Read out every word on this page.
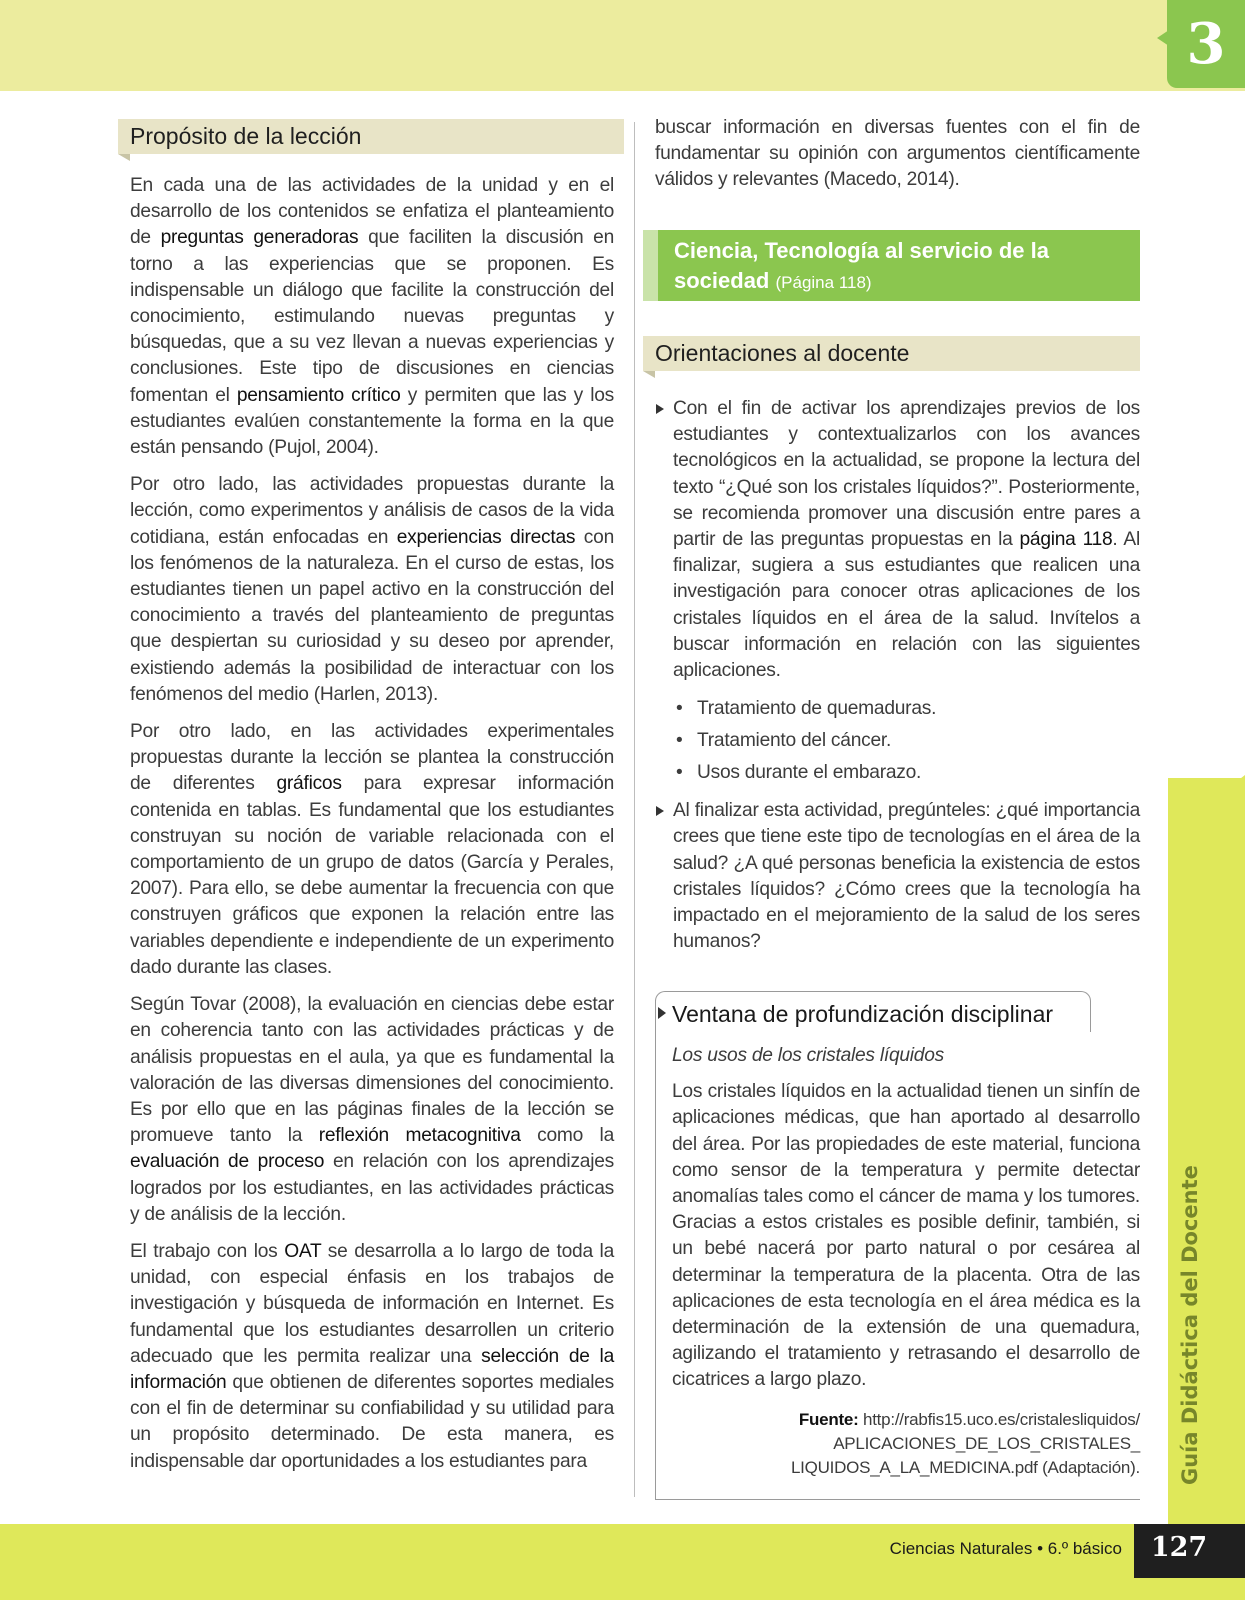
3
Guía Didáctica del Docente
Propósito de la lección

En cada una de las actividades de la unidad y en el desarrollo de los contenidos se enfatiza el planteamiento de preguntas generadoras que faciliten la discusión en torno a las experiencias que se proponen. Es indispensable un diálogo que facilite la construcción del conocimiento, estimulando nuevas preguntas y búsquedas, que a su vez llevan a nuevas experiencias y conclusiones. Este tipo de discusiones en ciencias fomentan el pensamiento crítico y permiten que las y los estudiantes evalúen constantemente la forma en la que están pensando (Pujol, 2004).

Por otro lado, las actividades propuestas durante la lección, como experimentos y análisis de casos de la vida cotidiana, están enfocadas en experiencias directas con los fenómenos de la naturaleza. En el curso de estas, los estudiantes tienen un papel activo en la construcción del conocimiento a través del planteamiento de preguntas que despiertan su curiosidad y su deseo por aprender, existiendo además la posibilidad de interactuar con los fenómenos del medio (Harlen, 2013).

Por otro lado, en las actividades experimentales propuestas durante la lección se plantea la construcción de diferentes gráficos para expresar información contenida en tablas. Es fundamental que los estudiantes construyan su noción de variable relacionada con el comportamiento de un grupo de datos (García y Perales, 2007). Para ello, se debe aumentar la frecuencia con que construyen gráficos que exponen la relación entre las variables dependiente e independiente de un experimento dado durante las clases.

Según Tovar (2008), la evaluación en ciencias debe estar en coherencia tanto con las actividades prácticas y de análisis propuestas en el aula, ya que es fundamental la valoración de las diversas dimensiones del conocimiento. Es por ello que en las páginas finales de la lección se promueve tanto la reflexión metacognitiva como la evaluación de proceso en relación con los aprendizajes logrados por los estudiantes, en las actividades prácticas y de análisis de la lección.

El trabajo con los OAT se desarrolla a lo largo de toda la unidad, con especial énfasis en los trabajos de investigación y búsqueda de información en Internet. Es fundamental que los estudiantes desarrollen un criterio adecuado que les permita realizar una selección de la información que obtienen de diferentes soportes mediales con el fin de determinar su confiabilidad y su utilidad para un propósito determinado. De esta manera, es indispensable dar oportunidades a los estudiantes para

buscar información en diversas fuentes con el fin de fundamentar su opinión con argumentos científicamente válidos y relevantes (Macedo, 2014).

Ciencia, Tecnología al servicio de la sociedad (Página 118)
Orientaciones al docente
Con el fin de activar los aprendizajes previos de los estudiantes y contextualizarlos con los avances tecnológicos en la actualidad, se propone la lectura del texto “¿Qué son los cristales líquidos?”. Posteriormente, se recomienda promover una discusión entre pares a partir de las preguntas propuestas en la página 118. Al finalizar, sugiera a sus estudiantes que realicen una investigación para conocer otras aplicaciones de los cristales líquidos en el área de la salud. Invítelos a buscar información en relación con las siguientes aplicaciones.
• Tratamiento de quemaduras.
• Tratamiento del cáncer.
• Usos durante el embarazo.
Al finalizar esta actividad, pregúnteles: ¿qué importancia crees que tiene este tipo de tecnologías en el área de la salud? ¿A qué personas beneficia la existencia de estos cristales líquidos? ¿Cómo crees que la tecnología ha impactado en el mejoramiento de la salud de los seres humanos?
Ventana de profundización disciplinar

Los usos de los cristales líquidos

Los cristales líquidos en la actualidad tienen un sinfín de aplicaciones médicas, que han aportado al desarrollo del área. Por las propiedades de este material, funciona como sensor de la temperatura y permite detectar anomalías tales como el cáncer de mama y los tumores. Gracias a estos cristales es posible definir, también, si un bebé nacerá por parto natural o por cesárea al determinar la temperatura de la placenta. Otra de las aplicaciones de esta tecnología en el área médica es la determinación de la extensión de una quemadura, agilizando el tratamiento y retrasando el desarrollo de cicatrices a largo plazo.

Fuente: http://rabfis15.uco.es/cristalesliquidos/
APLICACIONES_DE_LOS_CRISTALES_
LIQUIDOS_A_LA_MEDICINA.pdf (Adaptación).
Ciencias Naturales • 6.º básico	127
